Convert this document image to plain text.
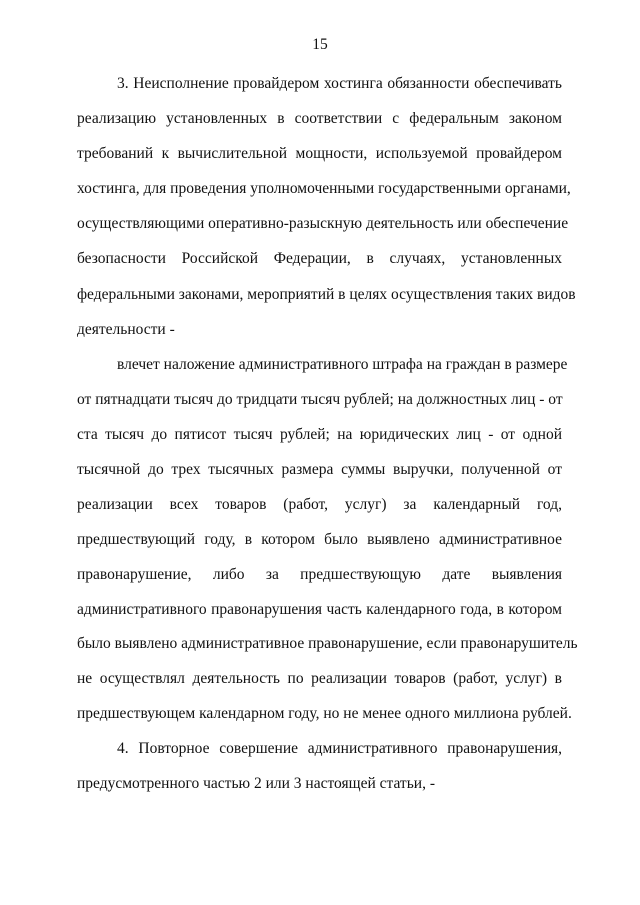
15
3. Неисполнение провайдером хостинга обязанности обеспечивать
реализацию установленных в соответствии с федеральным законом
требований к вычислительной мощности, используемой провайдером
хостинга, для проведения уполномоченными государственными органами,
осуществляющими оперативно-разыскную деятельность или обеспечение
безопасности Российской Федерации, в случаях, установленных
федеральными законами, мероприятий в целях осуществления таких видов
деятельности -
влечет наложение административного штрафа на граждан в размере
от пятнадцати тысяч до тридцати тысяч рублей; на должностных лиц - от
ста тысяч до пятисот тысяч рублей; на юридических лиц - от одной
тысячной до трех тысячных размера суммы выручки, полученной от
реализации всех товаров (работ, услуг) за календарный год,
предшествующий году, в котором было выявлено административное
правонарушение, либо за предшествующую дате выявления
административного правонарушения часть календарного года, в котором
было выявлено административное правонарушение, если правонарушитель
не осуществлял деятельность по реализации товаров (работ, услуг) в
предшествующем календарном году, но не менее одного миллиона рублей.
4. Повторное совершение административного правонарушения,
предусмотренного частью 2 или 3 настоящей статьи, -
